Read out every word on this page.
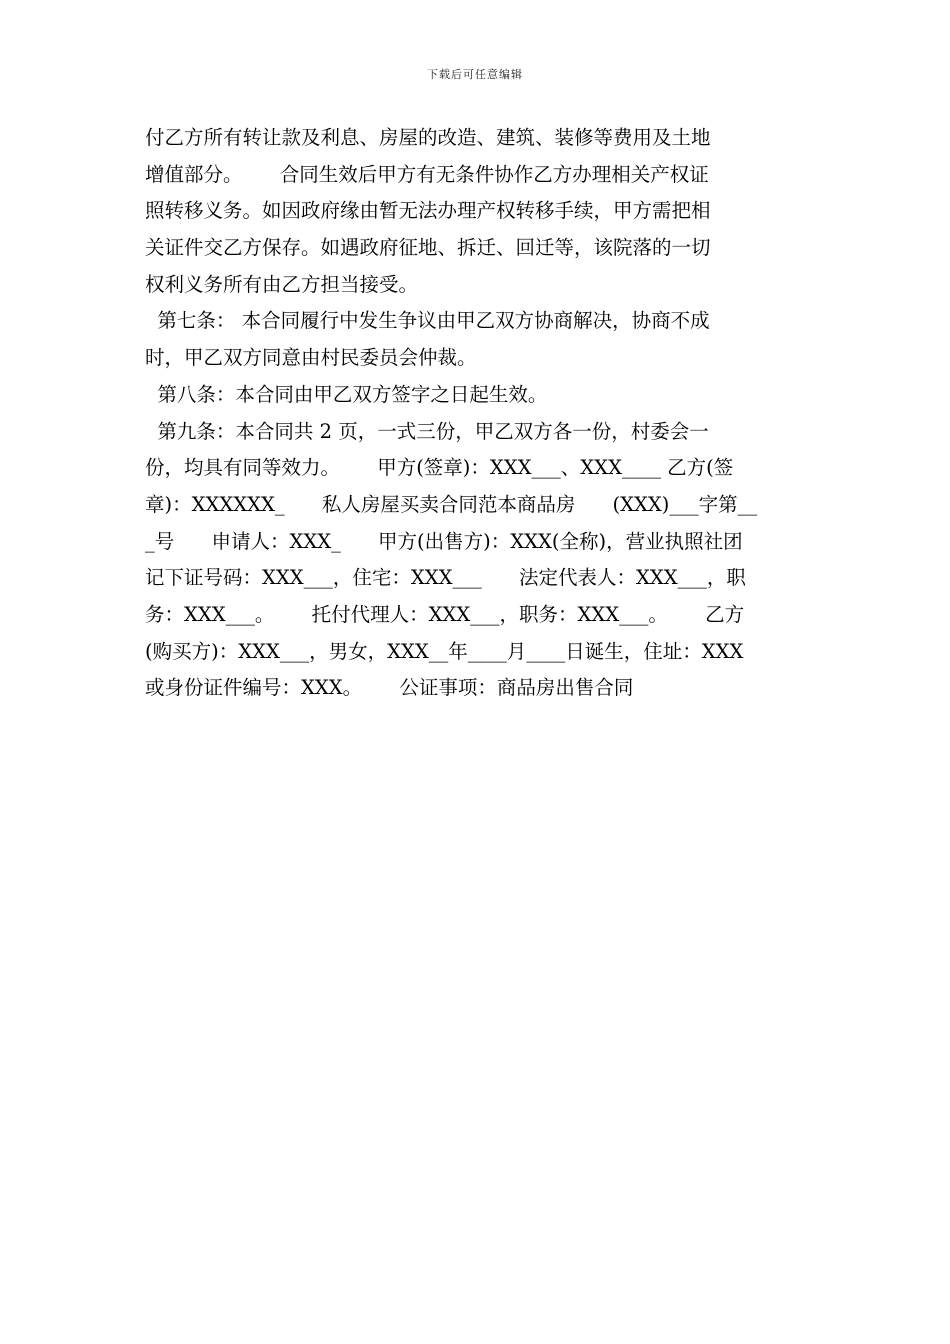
下载后可任意编辑
付乙方所有转让款及利息、房屋的改造、建筑、装修等费用及土地
增值部分。      合同生效后甲方有无条件协作乙方办理相关产权证
照转移义务。如因政府缘由暂无法办理产权转移手续，甲方需把相
关证件交乙方保存。如遇政府征地、拆迁、回迁等，该院落的一切
权利义务所有由乙方担当接受。
第七条： 本合同履行中发生争议由甲乙双方协商解决，协商不成
时，甲乙双方同意由村民委员会仲裁。
第八条：本合同由甲乙双方签字之日起生效。
第九条：本合同共 2 页，一式三份，甲乙双方各一份，村委会一
份，均具有同等效力。      甲方(签章)：XXX___、XXX____ 乙方(签
章)：XXXXXX_      私人房屋买卖合同范本商品房      (XXX)___字第__
_号      申请人：XXX_      甲方(出售方)：XXX(全称)，营业执照社团
记下证号码：XXX___，住宅：XXX___      法定代表人：XXX___，职
务：XXX___。      托付代理人：XXX___，职务：XXX___。      乙方
(购买方)：XXX___，男女，XXX__年____月____日诞生，住址：XXX
或身份证件编号：XXX。      公证事项：商品房出售合同
